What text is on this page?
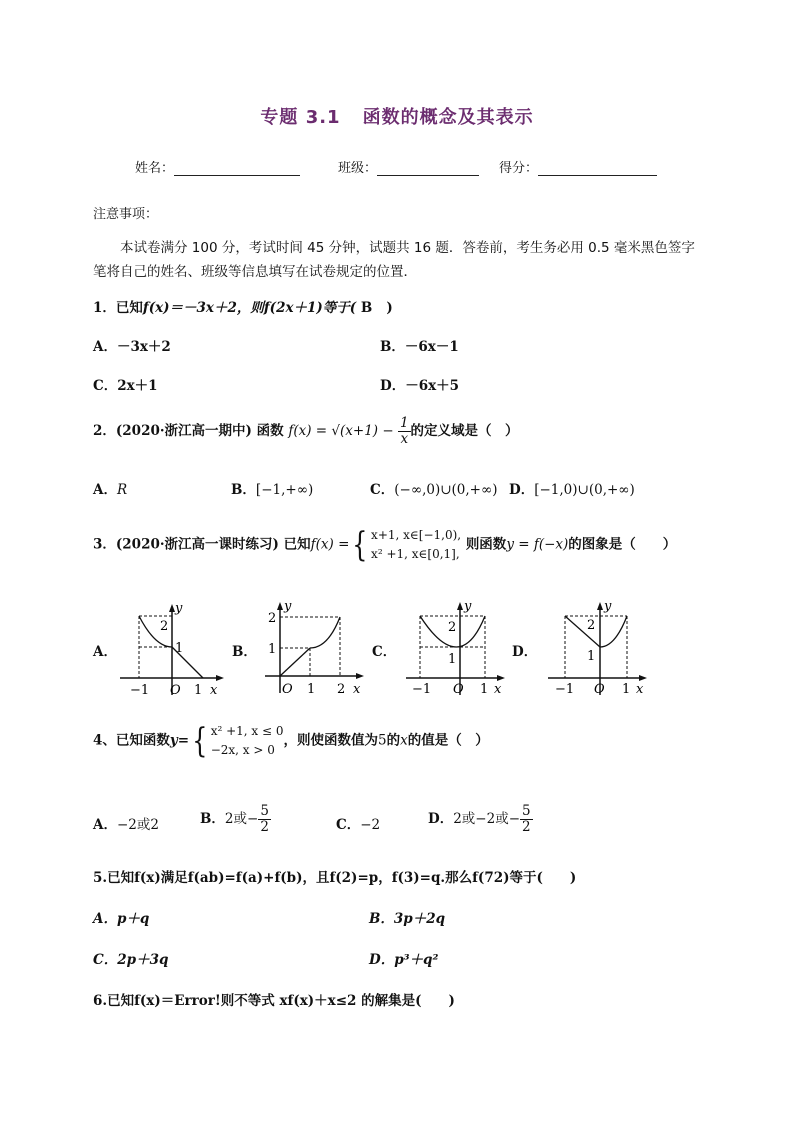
专题 3.1 函数的概念及其表示
姓名：	班级：	得分：
注意事项：
本试卷满分 100 分，考试时间 45 分钟，试题共 16 题．答卷前，考生务必用 0.5 毫米黑色签字笔将自己的姓名、班级等信息填写在试卷规定的位置．
1．已知f(x)＝－3x＋2，则f(2x＋1)等于( B )
A．－3x＋2	B．－6x－1
C．2x＋1	D．－6x＋5
2．(2020·浙江高一期中) 函数 $f(x) = √(x+1) - \frac{1}{x}$ 的定义域是（　）
A．R	B．[−1,+∞)	C．(−∞,0)∪(0,+∞) D．[−1,0)∪(0,+∞)
3．(2020·浙江高一课时练习) 已知f(x) ={ x+1, x∈[−1,0),
x² +1, x∈[0,1],
则函数y = f(−x)的图象是（　　）
A．	B．	C．	D．
y
2
1
−1 O 1 x
y
2
1
O 1 2 x
y
2
1
−1 O 1 x
y
2
1
−1 O 1 x
4、已知函数y={ x² +1, x ≤ 0
−2x, x > 0
，则使函数值为5的x的值是（　）
A．−2或2	B．2或− $\frac{5}{2}$	C．−2	D．2或−2或− $\frac{5}{2}$
5.已知f(x)满足f(ab)=f(a)+f(b)，且f(2)=p，f(3)=q.那么f(72)等于(　　)
A．p＋q	B．3p＋2q
C．2p＋3q	D．p³＋q²
6.已知f(x)＝Error!则不等式 xf(x)＋x≤2 的解集是(　　)
